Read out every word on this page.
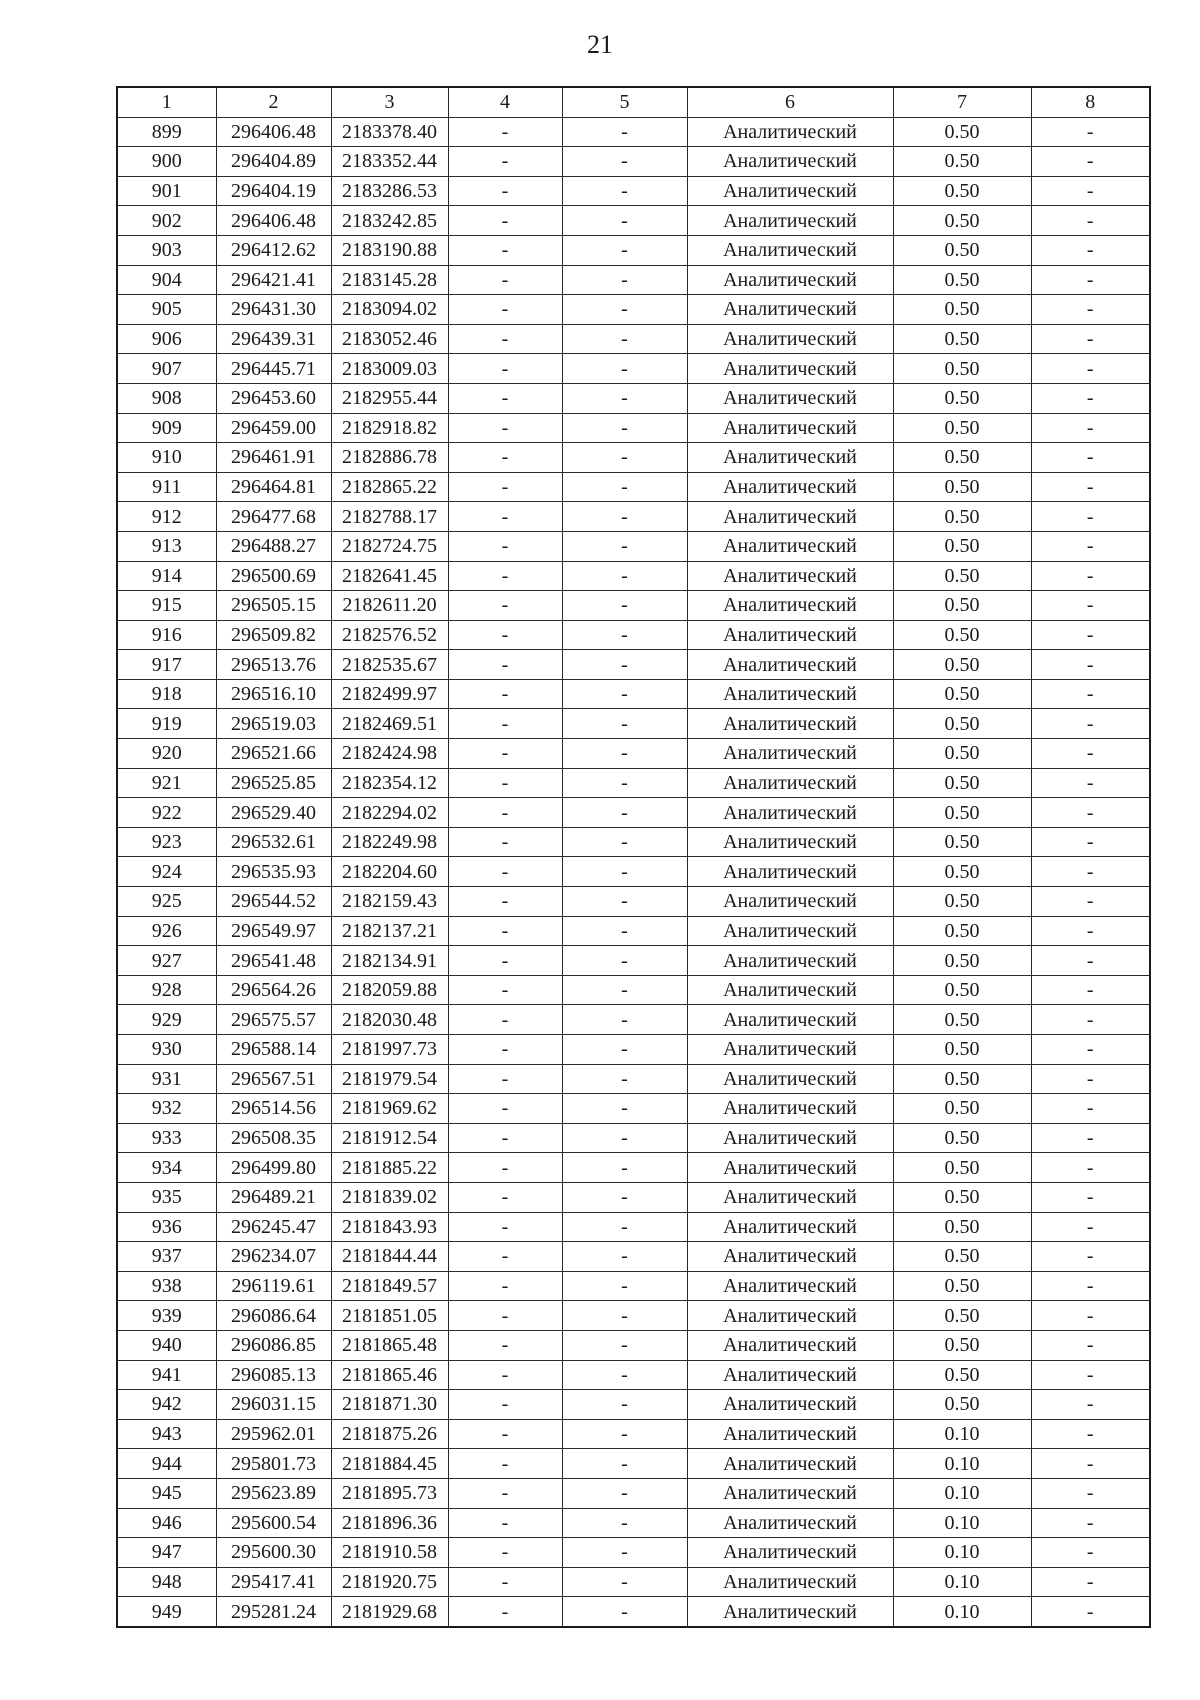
21
1	2	3	4	5	6	7	8
899	296406.48	2183378.40	-	-	Аналитический	0.50	-
900	296404.89	2183352.44	-	-	Аналитический	0.50	-
901	296404.19	2183286.53	-	-	Аналитический	0.50	-
902	296406.48	2183242.85	-	-	Аналитический	0.50	-
903	296412.62	2183190.88	-	-	Аналитический	0.50	-
904	296421.41	2183145.28	-	-	Аналитический	0.50	-
905	296431.30	2183094.02	-	-	Аналитический	0.50	-
906	296439.31	2183052.46	-	-	Аналитический	0.50	-
907	296445.71	2183009.03	-	-	Аналитический	0.50	-
908	296453.60	2182955.44	-	-	Аналитический	0.50	-
909	296459.00	2182918.82	-	-	Аналитический	0.50	-
910	296461.91	2182886.78	-	-	Аналитический	0.50	-
911	296464.81	2182865.22	-	-	Аналитический	0.50	-
912	296477.68	2182788.17	-	-	Аналитический	0.50	-
913	296488.27	2182724.75	-	-	Аналитический	0.50	-
914	296500.69	2182641.45	-	-	Аналитический	0.50	-
915	296505.15	2182611.20	-	-	Аналитический	0.50	-
916	296509.82	2182576.52	-	-	Аналитический	0.50	-
917	296513.76	2182535.67	-	-	Аналитический	0.50	-
918	296516.10	2182499.97	-	-	Аналитический	0.50	-
919	296519.03	2182469.51	-	-	Аналитический	0.50	-
920	296521.66	2182424.98	-	-	Аналитический	0.50	-
921	296525.85	2182354.12	-	-	Аналитический	0.50	-
922	296529.40	2182294.02	-	-	Аналитический	0.50	-
923	296532.61	2182249.98	-	-	Аналитический	0.50	-
924	296535.93	2182204.60	-	-	Аналитический	0.50	-
925	296544.52	2182159.43	-	-	Аналитический	0.50	-
926	296549.97	2182137.21	-	-	Аналитический	0.50	-
927	296541.48	2182134.91	-	-	Аналитический	0.50	-
928	296564.26	2182059.88	-	-	Аналитический	0.50	-
929	296575.57	2182030.48	-	-	Аналитический	0.50	-
930	296588.14	2181997.73	-	-	Аналитический	0.50	-
931	296567.51	2181979.54	-	-	Аналитический	0.50	-
932	296514.56	2181969.62	-	-	Аналитический	0.50	-
933	296508.35	2181912.54	-	-	Аналитический	0.50	-
934	296499.80	2181885.22	-	-	Аналитический	0.50	-
935	296489.21	2181839.02	-	-	Аналитический	0.50	-
936	296245.47	2181843.93	-	-	Аналитический	0.50	-
937	296234.07	2181844.44	-	-	Аналитический	0.50	-
938	296119.61	2181849.57	-	-	Аналитический	0.50	-
939	296086.64	2181851.05	-	-	Аналитический	0.50	-
940	296086.85	2181865.48	-	-	Аналитический	0.50	-
941	296085.13	2181865.46	-	-	Аналитический	0.50	-
942	296031.15	2181871.30	-	-	Аналитический	0.50	-
943	295962.01	2181875.26	-	-	Аналитический	0.10	-
944	295801.73	2181884.45	-	-	Аналитический	0.10	-
945	295623.89	2181895.73	-	-	Аналитический	0.10	-
946	295600.54	2181896.36	-	-	Аналитический	0.10	-
947	295600.30	2181910.58	-	-	Аналитический	0.10	-
948	295417.41	2181920.75	-	-	Аналитический	0.10	-
949	295281.24	2181929.68	-	-	Аналитический	0.10	-
